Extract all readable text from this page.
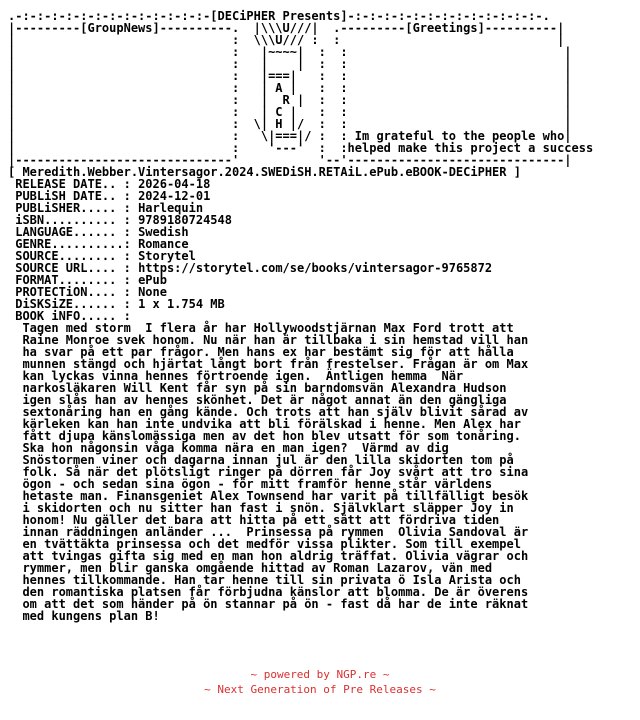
.-:-:-:-:-:-:-:-:-:-:-:-:-:-[DECiPHER Presents]-:-:-:-:-:-:-:-:-:-:-:-:-:-.
|---------[GroupNews]----------.  |\\\U///|  .---------[Greetings]----------|
|                              :  \\\U/// :  :                              |
|                              :   |~~~~|  :  :                              |
|                              :   |    |  :  :                              |
|                              :   |===|   :  :                              |
|                              :   | A |   :  :                              |
|                              :   |  R |  :  :                              |
|                              :   | C |   :  :                              |
|                              :  \| H |/  :  :                              |
|                              :   \|===|/ :  : Im grateful to the people who|
|                              :    '---'  :  :helped make this project a success
|------------------------------'           '--'------------------------------|
[ Meredith.Webber.Vintersagor.2024.SWEDiSH.RETAiL.ePub.eBOOK-DECiPHER ]
RELEASE DATE.. : 2026-04-18
PUBLiSH DATE.. : 2024-12-01
PUBLiSHER..... : Harlequin
iSBN.......... : 9789180724548
LANGUAGE...... : Swedish
GENRE..........: Romance
SOURCE........ : Storytel
SOURCE URL.... : https://storytel.com/se/books/vintersagor-9765872
FORMAT........ : ePub
PROTECTiON.... : None
DiSKSiZE...... : 1 x 1.754 MB
BOOK iNFO..... :
Tagen med storm  I flera år har Hollywoodstjärnan Max Ford trott att
Raine Monroe svek honom. Nu när han är tillbaka i sin hemstad vill han
ha svar på ett par frågor. Men hans ex har bestämt sig för att hålla
munnen stängd och hjärtat långt bort från frestelser. Frågan är om Max
kan lyckas vinna hennes förtroende igen.  Äntligen hemma  När
narkosläkaren Will Kent får syn på sin barndomsvän Alexandra Hudson
igen slås han av hennes skönhet. Det är något annat än den gängliga
sextonåring han en gång kände. Och trots att han själv blivit sårad av
kärleken kan han inte undvika att bli förälskad i henne. Men Alex har
fått djupa känslomässiga men av det hon blev utsatt för som tonåring.
Ska hon någonsin våga komma nära en man igen?  Värmd av dig
Snöstormen viner och dagarna innan jul är den lilla skidorten tom på
folk. Så när det plötsligt ringer på dörren får Joy svårt att tro sina
ögon - och sedan sina ögon - för mitt framför henne står världens
hetaste man. Finansgeniet Alex Townsend har varit på tillfälligt besök
i skidorten och nu sitter han fast i snön. Självklart släpper Joy in
honom! Nu gäller det bara att hitta på ett sätt att fördriva tiden
innan räddningen anländer ...  Prinsessa på rymmen  Olivia Sandoval är
en tvättäkta prinsessa och det medför vissa plikter. Som till exempel
att tvingas gifta sig med en man hon aldrig träffat. Olivia vägrar och
rymmer, men blir ganska omgående hittad av Roman Lazarov, vän med
hennes tillkommande. Han tar henne till sin privata ö Isla Arista och
den romantiska platsen får förbjudna känslor att blomma. De är överens
om att det som händer på ön stannar på ön - fast då har de inte räknat
med kungens plan B!
~ powered by NGP.re ~
~ Next Generation of Pre Releases ~
